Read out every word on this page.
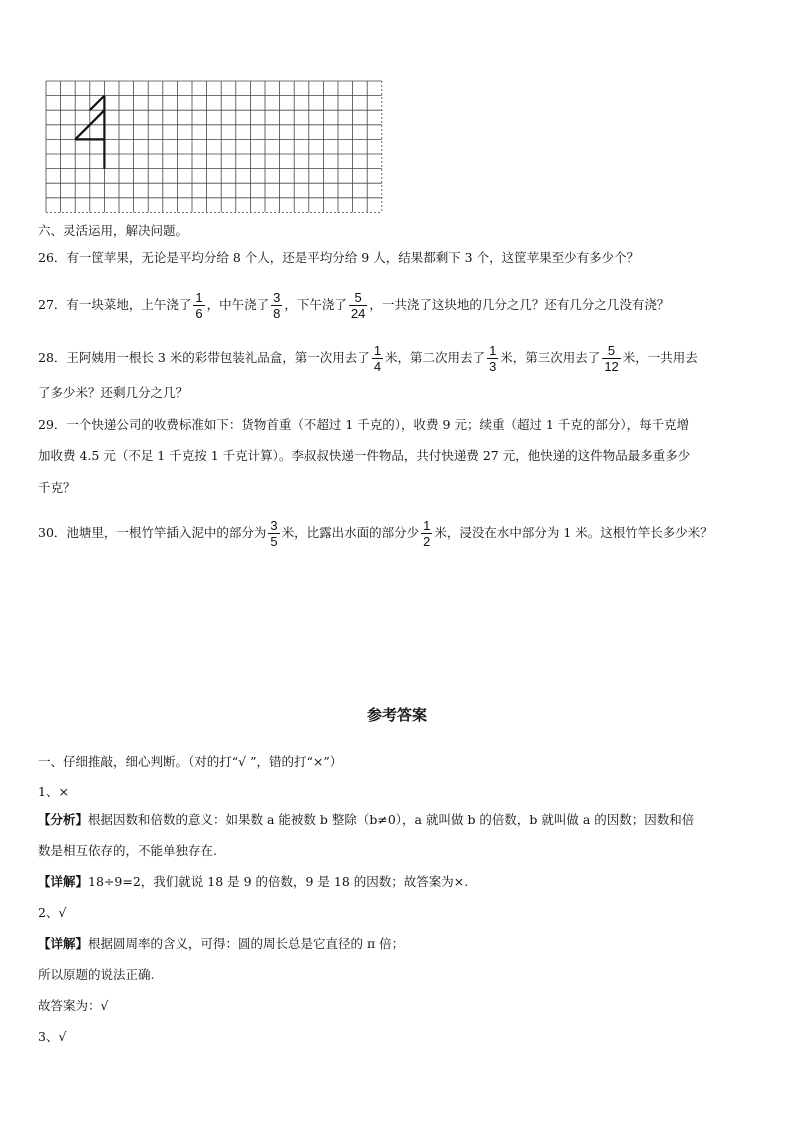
六、灵活运用，解决问题。
26．有一筐苹果，无论是平均分给 8 个人，还是平均分给 9 人，结果都剩下 3 个，这筐苹果至少有多少个？
27．有一块菜地，上午浇了 $\frac{1}{6}$ ，中午浇了 $\frac{3}{8}$ ，下午浇了 $\frac{5}{24}$ ，一共浇了这块地的几分之几？还有几分之几没有浇？
28．王阿姨用一根长 3 米的彩带包装礼品盒，第一次用去了 $\frac{1}{4}$ 米，第二次用去了 $\frac{1}{3}$ 米，第三次用去了 $\frac{5}{12}$ 米，一共用去
了多少米？还剩几分之几？
29．一个快递公司的收费标准如下：货物首重（不超过 1 千克的），收费 9 元；续重（超过 1 千克的部分），每千克增
加收费 4.5 元（不足 1 千克按 1 千克计算）。李叔叔快递一件物品，共付快递费 27 元，他快递的这件物品最多重多少
千克？
30．池塘里，一根竹竿插入泥中的部分为 $\frac{3}{5}$ 米，比露出水面的部分少 $\frac{1}{2}$ 米，浸没在水中部分为 1 米。这根竹竿长多少米？
参考答案
一、仔细推敲，细心判断。（对的打“√ ”，错的打“×”）
1、×
【分析】根据因数和倍数的意义：如果数 a 能被数 b 整除（b≠0），a 就叫做 b 的倍数，b 就叫做 a 的因数；因数和倍
数是相互依存的，不能单独存在.
【详解】18÷9=2，我们就说 18 是 9 的倍数，9 是 18 的因数；故答案为×.
2、√
【详解】根据圆周率的含义，可得：圆的周长总是它直径的 π 倍；
所以原题的说法正确.
故答案为：√
3、√
